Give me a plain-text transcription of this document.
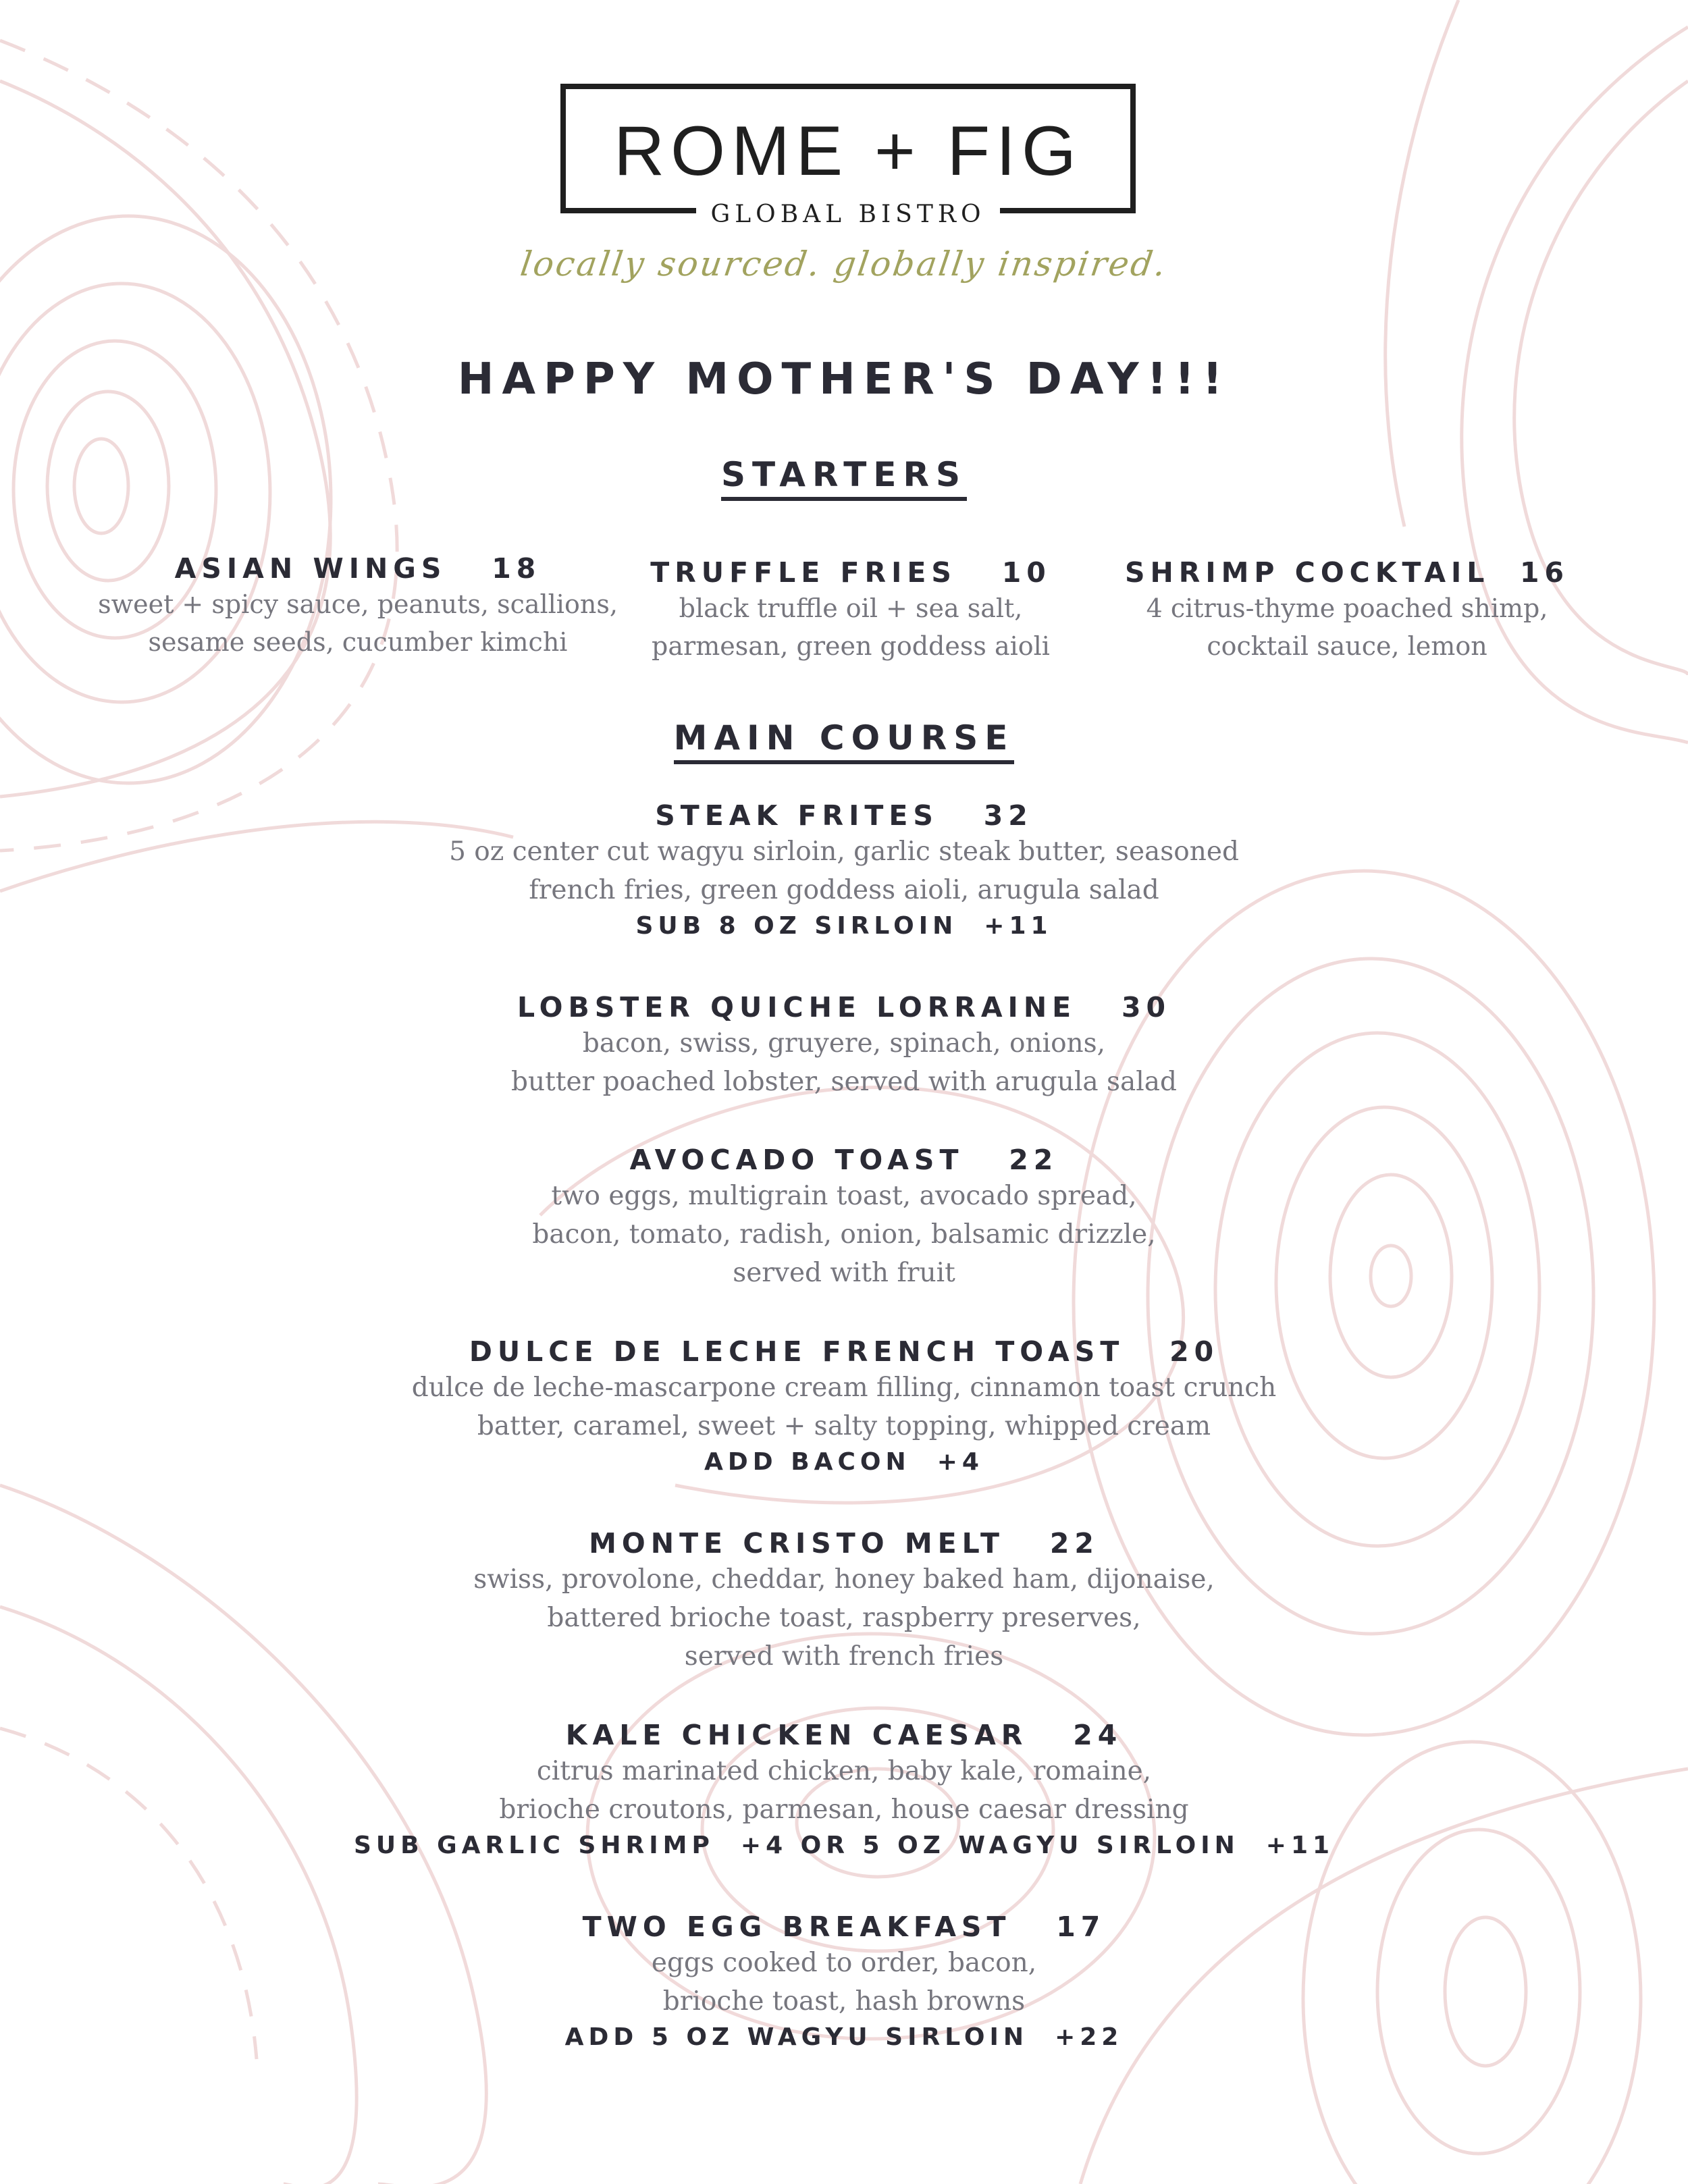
ROME + FIG
GLOBAL BISTRO
locally sourced. globally inspired.
HAPPY MOTHER'S DAY!!!
STARTERS
ASIAN WINGS 18
sweet + spicy sauce, peanuts, scallions,
sesame seeds, cucumber kimchi
TRUFFLE FRIES 10
black truffle oil + sea salt,
parmesan, green goddess aioli
SHRIMP COCKTAIL 16
4 citrus-thyme poached shimp,
cocktail sauce, lemon
MAIN COURSE
STEAK FRITES 32
5 oz center cut wagyu sirloin, garlic steak butter, seasoned
french fries, green goddess aioli, arugula salad
SUB 8 OZ SIRLOIN  +11
LOBSTER QUICHE LORRAINE 30
bacon, swiss, gruyere, spinach, onions,
butter poached lobster, served with arugula salad
AVOCADO TOAST 22
two eggs, multigrain toast, avocado spread,
bacon, tomato, radish, onion, balsamic drizzle,
served with fruit
DULCE DE LECHE FRENCH TOAST 20
dulce de leche-mascarpone cream filling, cinnamon toast crunch
batter, caramel, sweet + salty topping, whipped cream
ADD BACON  +4
MONTE CRISTO MELT 22
swiss, provolone, cheddar, honey baked ham, dijonaise,
battered brioche toast, raspberry preserves,
served with french fries
KALE CHICKEN CAESAR 24
citrus marinated chicken, baby kale, romaine,
brioche croutons, parmesan, house caesar dressing
SUB GARLIC SHRIMP  +4 OR 5 OZ WAGYU SIRLOIN  +11
TWO EGG BREAKFAST 17
eggs cooked to order, bacon,
brioche toast, hash browns
ADD 5 OZ WAGYU SIRLOIN  +22
